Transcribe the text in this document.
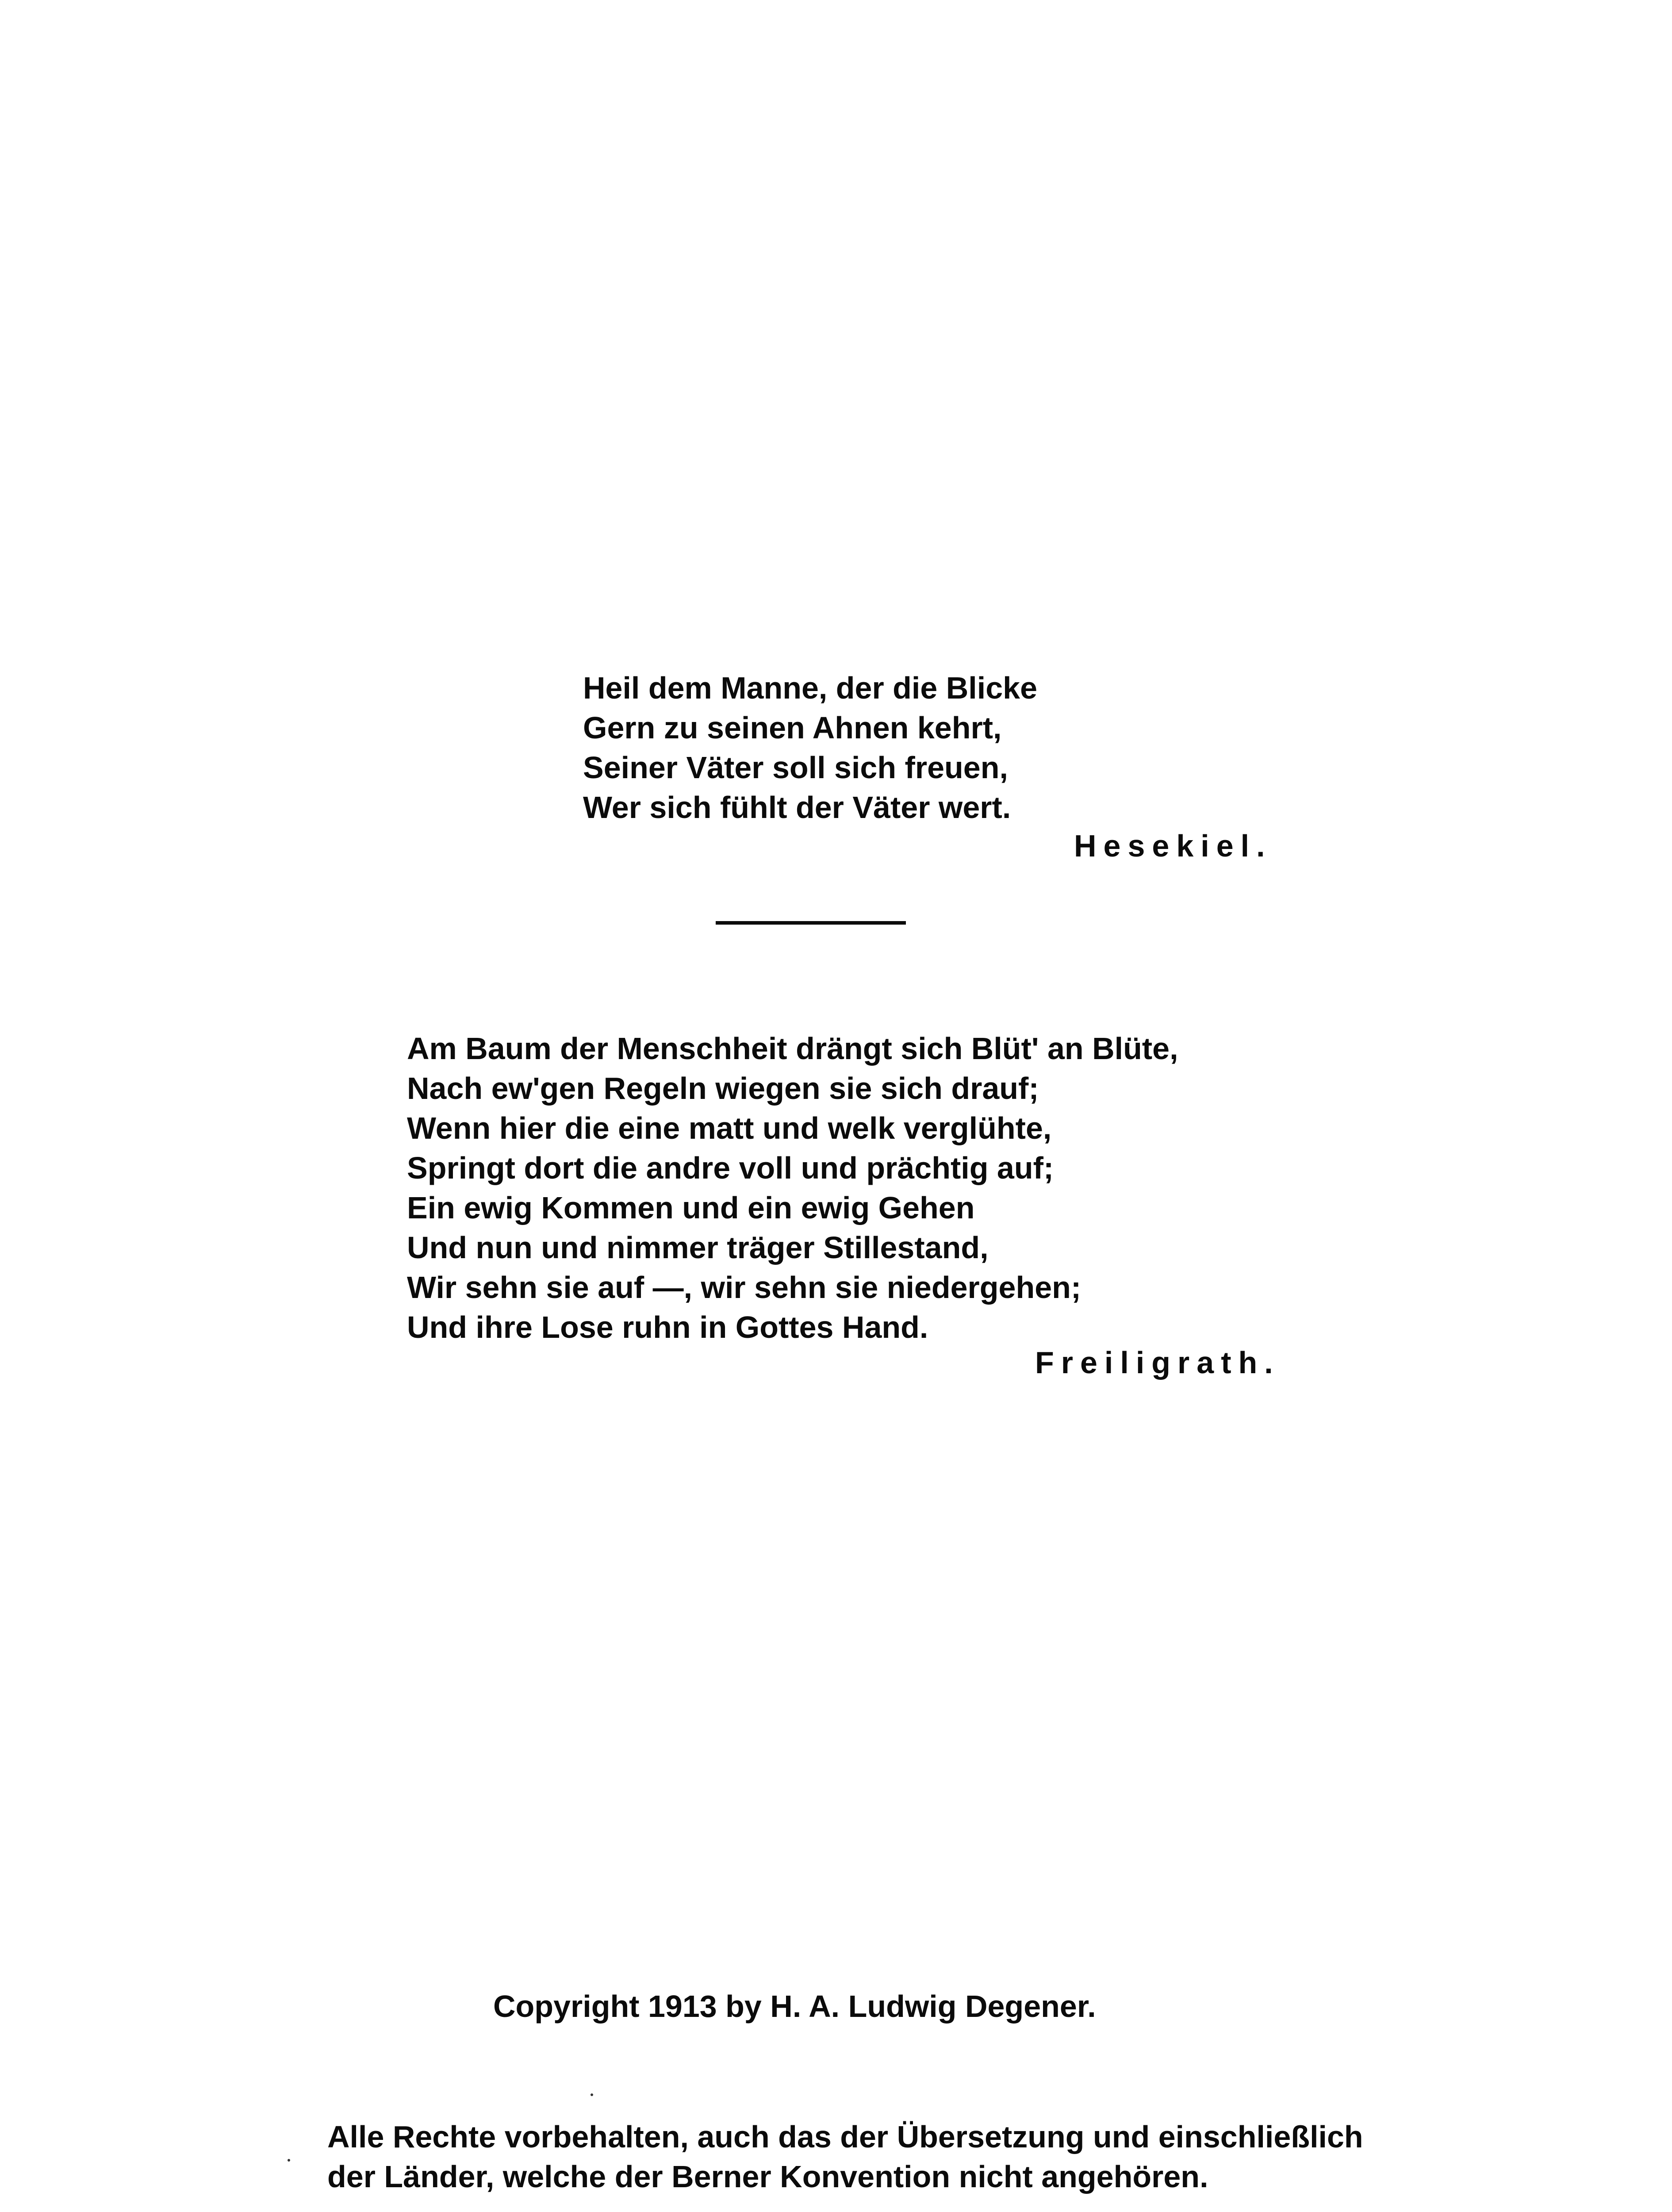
Heil dem Manne, der die Blicke
Gern zu seinen Ahnen kehrt,
Seiner Väter soll sich freuen,
Wer sich fühlt der Väter wert.
Hesekiel.
Am Baum der Menschheit drängt sich Blüt' an Blüte,
Nach ew'gen Regeln wiegen sie sich drauf;
Wenn hier die eine matt und welk verglühte,
Springt dort die andre voll und prächtig auf;
Ein ewig Kommen und ein ewig Gehen
Und nun und nimmer träger Stillestand,
Wir sehn sie auf —, wir sehn sie niedergehen;
Und ihre Lose ruhn in Gottes Hand.
Freiligrath.
Copyright 1913 by H. A. Ludwig Degener.
Alle Rechte vorbehalten, auch das der Übersetzung und einschließlich
der Länder, welche der Berner Konvention nicht angehören.
